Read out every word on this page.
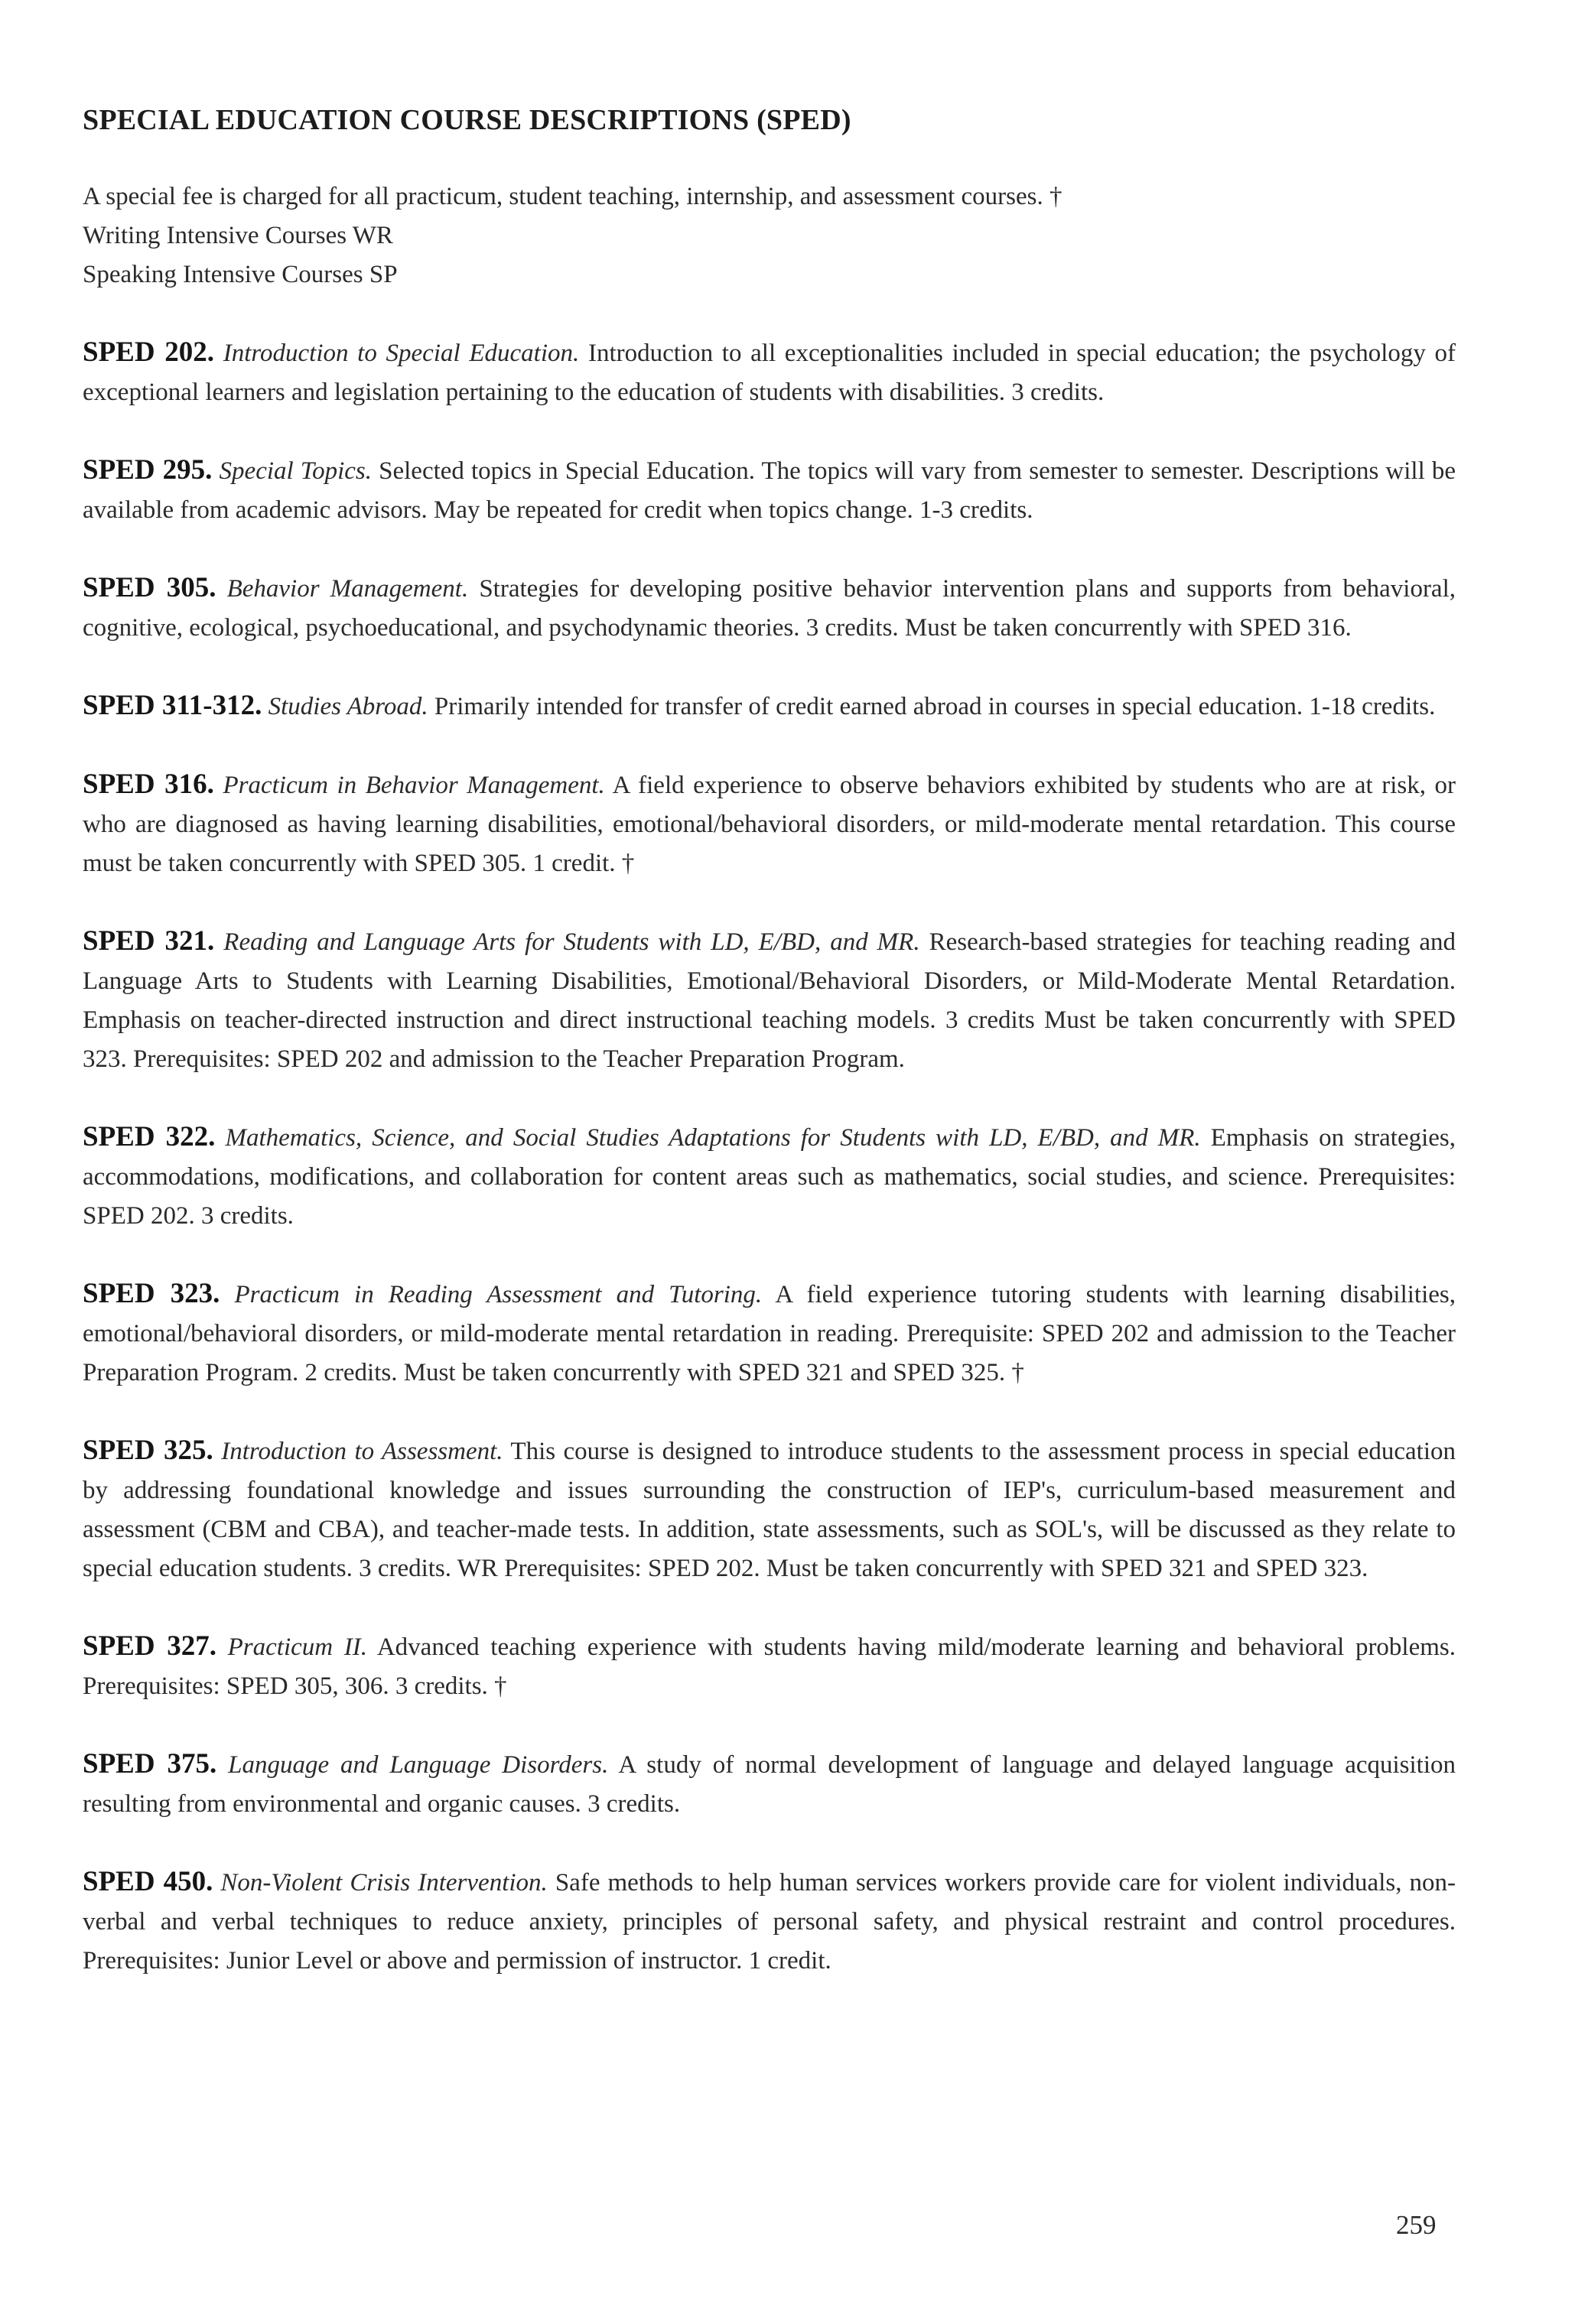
SPECIAL EDUCATION COURSE DESCRIPTIONS (SPED)

A special fee is charged for all practicum, student teaching, internship, and assessment courses. †

Writing Intensive Courses WR

Speaking Intensive Courses SP

SPED 202. Introduction to Special Education. Introduction to all exceptionalities included in special education; the psychology of exceptional learners and legislation pertaining to the education of students with disabilities. 3 credits.

SPED 295. Special Topics. Selected topics in Special Education. The topics will vary from semester to semester. Descriptions will be available from academic advisors. May be repeated for credit when topics change. 1-3 credits.

SPED 305. Behavior Management. Strategies for developing positive behavior intervention plans and supports from behavioral, cognitive, ecological, psychoeducational, and psychodynamic theories. 3 credits. Must be taken concurrently with SPED 316.

SPED 311-312. Studies Abroad. Primarily intended for transfer of credit earned abroad in courses in special education. 1-18 credits.

SPED 316. Practicum in Behavior Management. A field experience to observe behaviors exhibited by students who are at risk, or who are diagnosed as having learning disabilities, emotional/behavioral disorders, or mild-moderate mental retardation. This course must be taken concurrently with SPED 305. 1 credit. †

SPED 321. Reading and Language Arts for Students with LD, E/BD, and MR. Research-based strategies for teaching reading and Language Arts to Students with Learning Disabilities, Emotional/Behavioral Disorders, or Mild-Moderate Mental Retardation. Emphasis on teacher-directed instruction and direct instructional teaching models. 3 credits Must be taken concurrently with SPED 323. Prerequisites: SPED 202 and admission to the Teacher Preparation Program.

SPED 322. Mathematics, Science, and Social Studies Adaptations for Students with LD, E/BD, and MR. Emphasis on strategies, accommodations, modifications, and collaboration for content areas such as mathematics, social studies, and science. Prerequisites: SPED 202. 3 credits.

SPED 323. Practicum in Reading Assessment and Tutoring. A field experience tutoring students with learning disabilities, emotional/behavioral disorders, or mild-moderate mental retardation in reading. Prerequisite: SPED 202 and admission to the Teacher Preparation Program. 2 credits. Must be taken concurrently with SPED 321 and SPED 325. †

SPED 325. Introduction to Assessment. This course is designed to introduce students to the assessment process in special education by addressing foundational knowledge and issues surrounding the construction of IEP's, curriculum-based measurement and assessment (CBM and CBA), and teacher-made tests. In addition, state assessments, such as SOL's, will be discussed as they relate to special education students. 3 credits. WR Prerequisites: SPED 202. Must be taken concurrently with SPED 321 and SPED 323.

SPED 327. Practicum II. Advanced teaching experience with students having mild/moderate learning and behavioral problems. Prerequisites: SPED 305, 306. 3 credits. †

SPED 375. Language and Language Disorders. A study of normal development of language and delayed language acquisition resulting from environmental and organic causes. 3 credits.

SPED 450. Non-Violent Crisis Intervention. Safe methods to help human services workers provide care for violent individuals, non-verbal and verbal techniques to reduce anxiety, principles of personal safety, and physical restraint and control procedures. Prerequisites: Junior Level or above and permission of instructor. 1 credit.

259
